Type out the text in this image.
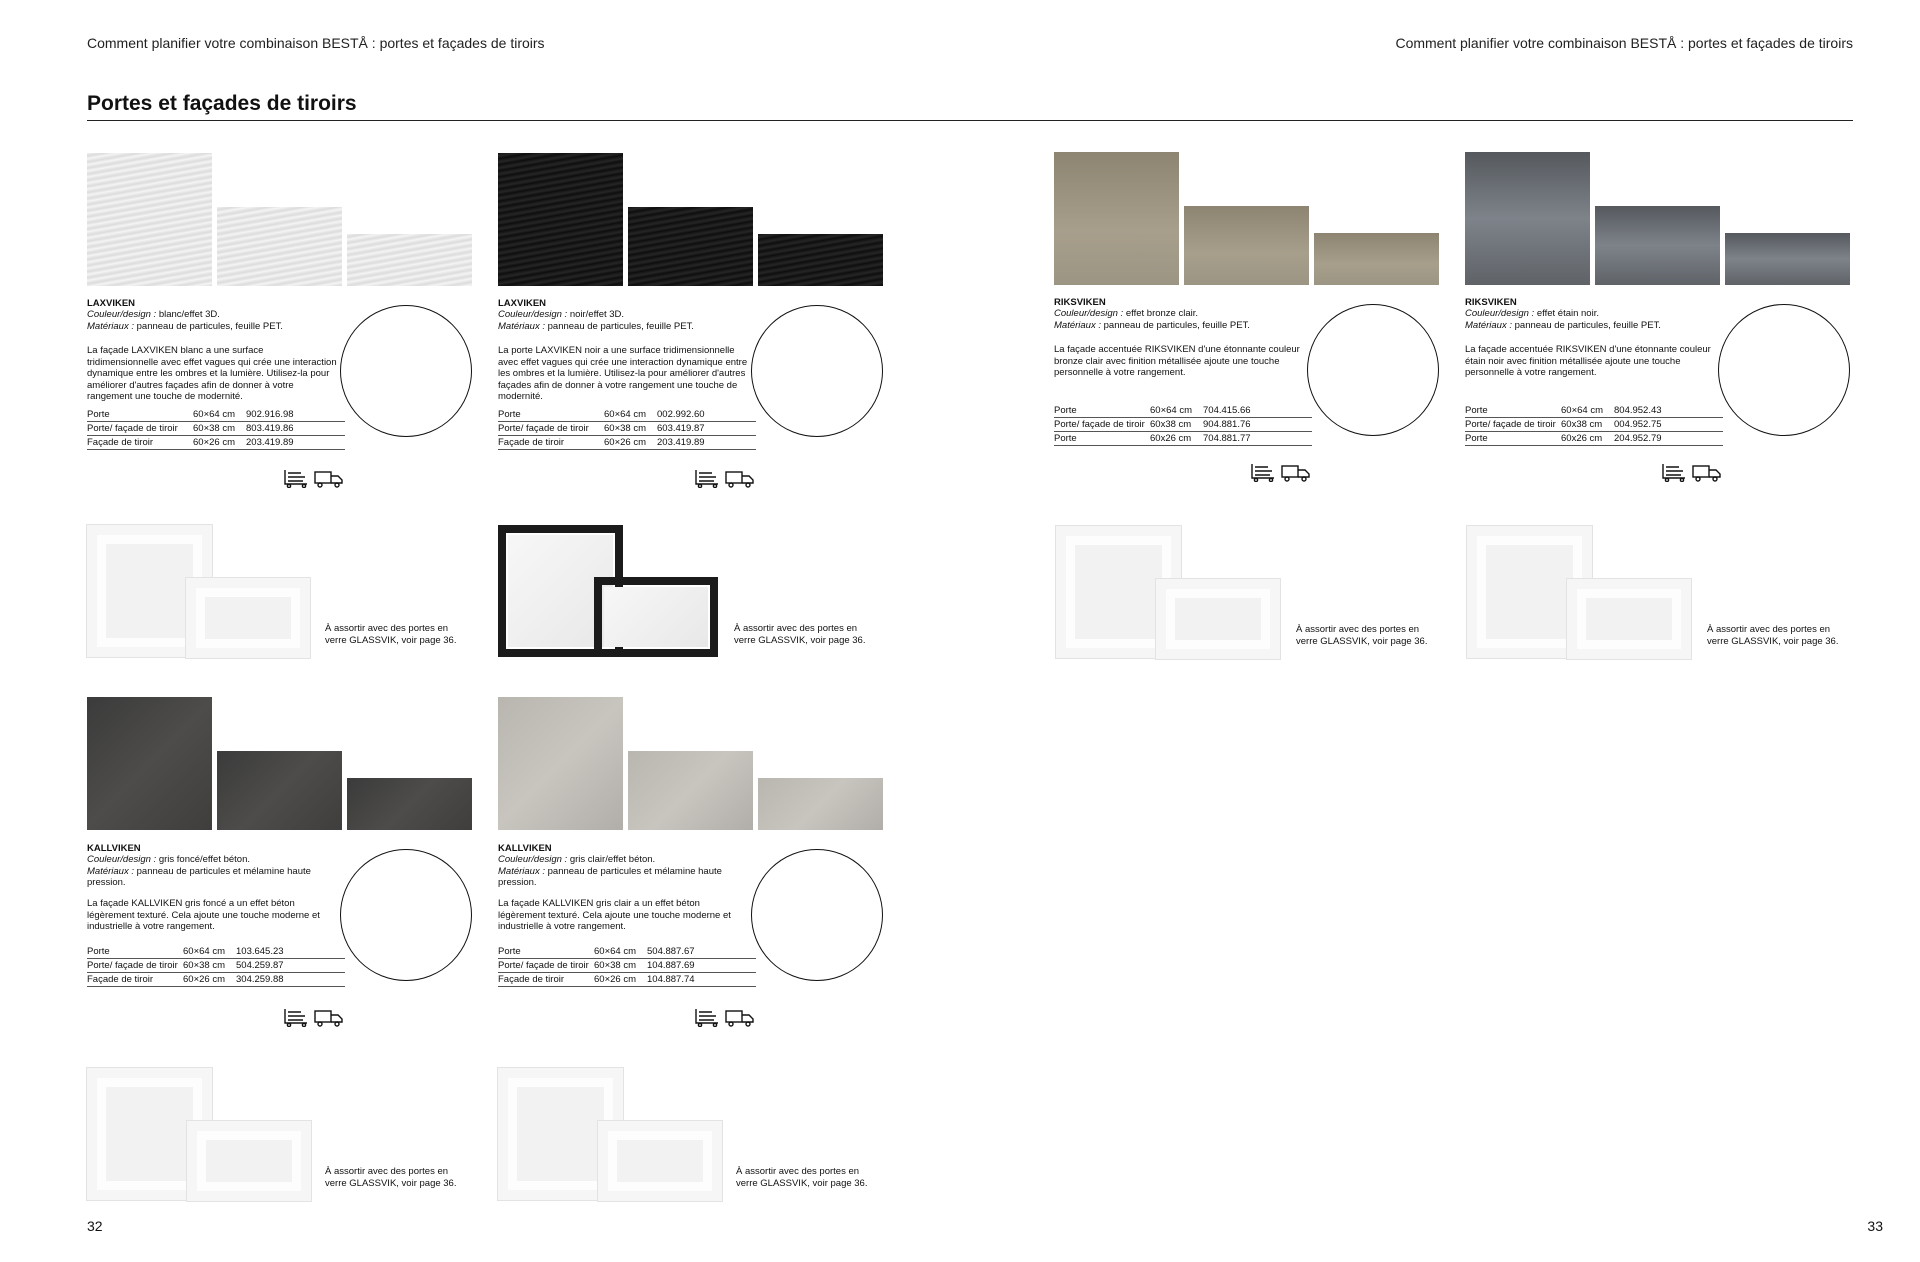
Comment planifier votre combinaison BESTÅ : portes et façades de tiroirs	Comment planifier votre combinaison BESTÅ : portes et façades de tiroirs
Portes et façades de tiroirs
LAXVIKEN
Couleur/design : blanc/effet 3D.
Matériaux : panneau de particules, feuille PET.
La façade LAXVIKEN blanc a une surface tridimensionnelle avec effet vagues qui crée une interaction dynamique entre les ombres et la lumière. Utilisez-la pour améliorer d'autres façades afin de donner à votre rangement une touche de modernité.
Porte	60×64 cm	902.916.98
Porte/ façade de tiroir	60×38 cm	803.419.86
Façade de tiroir	60×26 cm	203.419.89
LAXVIKEN
Couleur/design : noir/effet 3D.
Matériaux : panneau de particules, feuille PET.
La porte LAXVIKEN noir a une surface tridimensionnelle avec effet vagues qui crée une interaction dynamique entre les ombres et la lumière. Utilisez-la pour améliorer d'autres façades afin de donner à votre rangement une touche de modernité.
Porte	60×64 cm	002.992.60
Porte/ façade de tiroir	60×38 cm	603.419.87
Façade de tiroir	60×26 cm	203.419.89
RIKSVIKEN
Couleur/design : effet bronze clair.
Matériaux : panneau de particules, feuille PET.
La façade accentuée RIKSVIKEN d'une étonnante couleur bronze clair avec finition métallisée ajoute une touche personnelle à votre rangement.
Porte	60×64 cm	704.415.66
Porte/ façade de tiroir	60x38 cm	904.881.76
Porte	60x26 cm	704.881.77
RIKSVIKEN
Couleur/design : effet étain noir.
Matériaux : panneau de particules, feuille PET.
La façade accentuée RIKSVIKEN d'une étonnante couleur étain noir avec finition métallisée ajoute une touche personnelle à votre rangement.
Porte	60×64 cm	804.952.43
Porte/ façade de tiroir	60x38 cm	004.952.75
Porte	60x26 cm	204.952.79
À assortir avec des portes en verre GLASSVIK, voir page 36.
À assortir avec des portes en verre GLASSVIK, voir page 36.
À assortir avec des portes en verre GLASSVIK, voir page 36.
À assortir avec des portes en verre GLASSVIK, voir page 36.
KALLVIKEN
Couleur/design : gris foncé/effet béton.
Matériaux : panneau de particules et mélamine haute pression.
La façade KALLVIKEN gris foncé a un effet béton légèrement texturé. Cela ajoute une touche moderne et industrielle à votre rangement.
Porte	60×64 cm	103.645.23
Porte/ façade de tiroir	60×38 cm	504.259.87
Façade de tiroir	60×26 cm	304.259.88
KALLVIKEN
Couleur/design : gris clair/effet béton.
Matériaux : panneau de particules et mélamine haute pression.
La façade KALLVIKEN gris clair a un effet béton légèrement texturé. Cela ajoute une touche moderne et industrielle à votre rangement.
Porte	60×64 cm	504.887.67
Porte/ façade de tiroir	60×38 cm	104.887.69
Façade de tiroir	60×26 cm	104.887.74
À assortir avec des portes en verre GLASSVIK, voir page 36.
À assortir avec des portes en verre GLASSVIK, voir page 36.
32	33
